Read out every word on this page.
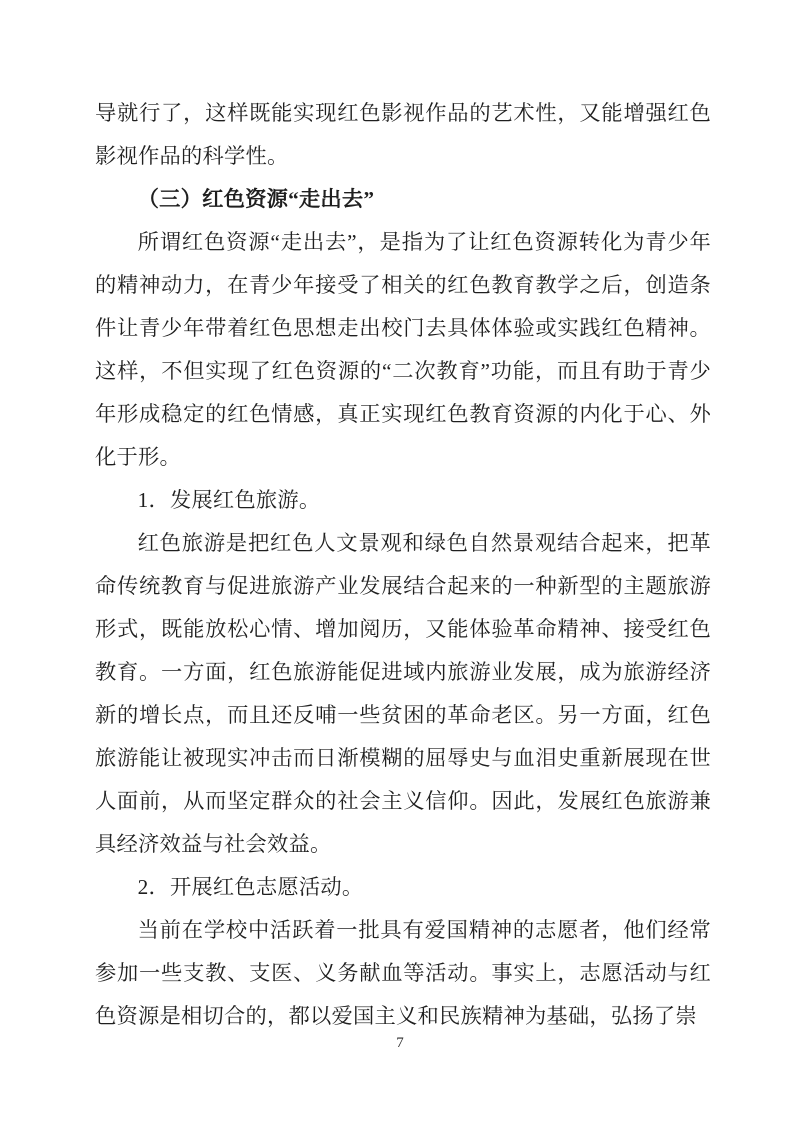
导就行了，这样既能实现红色影视作品的艺术性，又能增强红色影视作品的科学性。

（三）红色资源“走出去”

所谓红色资源“走出去”，是指为了让红色资源转化为青少年的精神动力，在青少年接受了相关的红色教育教学之后，创造条件让青少年带着红色思想走出校门去具体体验或实践红色精神。这样，不但实现了红色资源的“二次教育”功能，而且有助于青少年形成稳定的红色情感，真正实现红色教育资源的内化于心、外化于形。

1．发展红色旅游。

红色旅游是把红色人文景观和绿色自然景观结合起来，把革命传统教育与促进旅游产业发展结合起来的一种新型的主题旅游形式，既能放松心情、增加阅历，又能体验革命精神、接受红色教育。一方面，红色旅游能促进域内旅游业发展，成为旅游经济新的增长点，而且还反哺一些贫困的革命老区。另一方面，红色旅游能让被现实冲击而日渐模糊的屈辱史与血泪史重新展现在世人面前，从而坚定群众的社会主义信仰。因此，发展红色旅游兼具经济效益与社会效益。

2．开展红色志愿活动。

当前在学校中活跃着一批具有爱国精神的志愿者，他们经常参加一些支教、支医、义务献血等活动。事实上，志愿活动与红色资源是相切合的，都以爱国主义和民族精神为基础，弘扬了崇

7
